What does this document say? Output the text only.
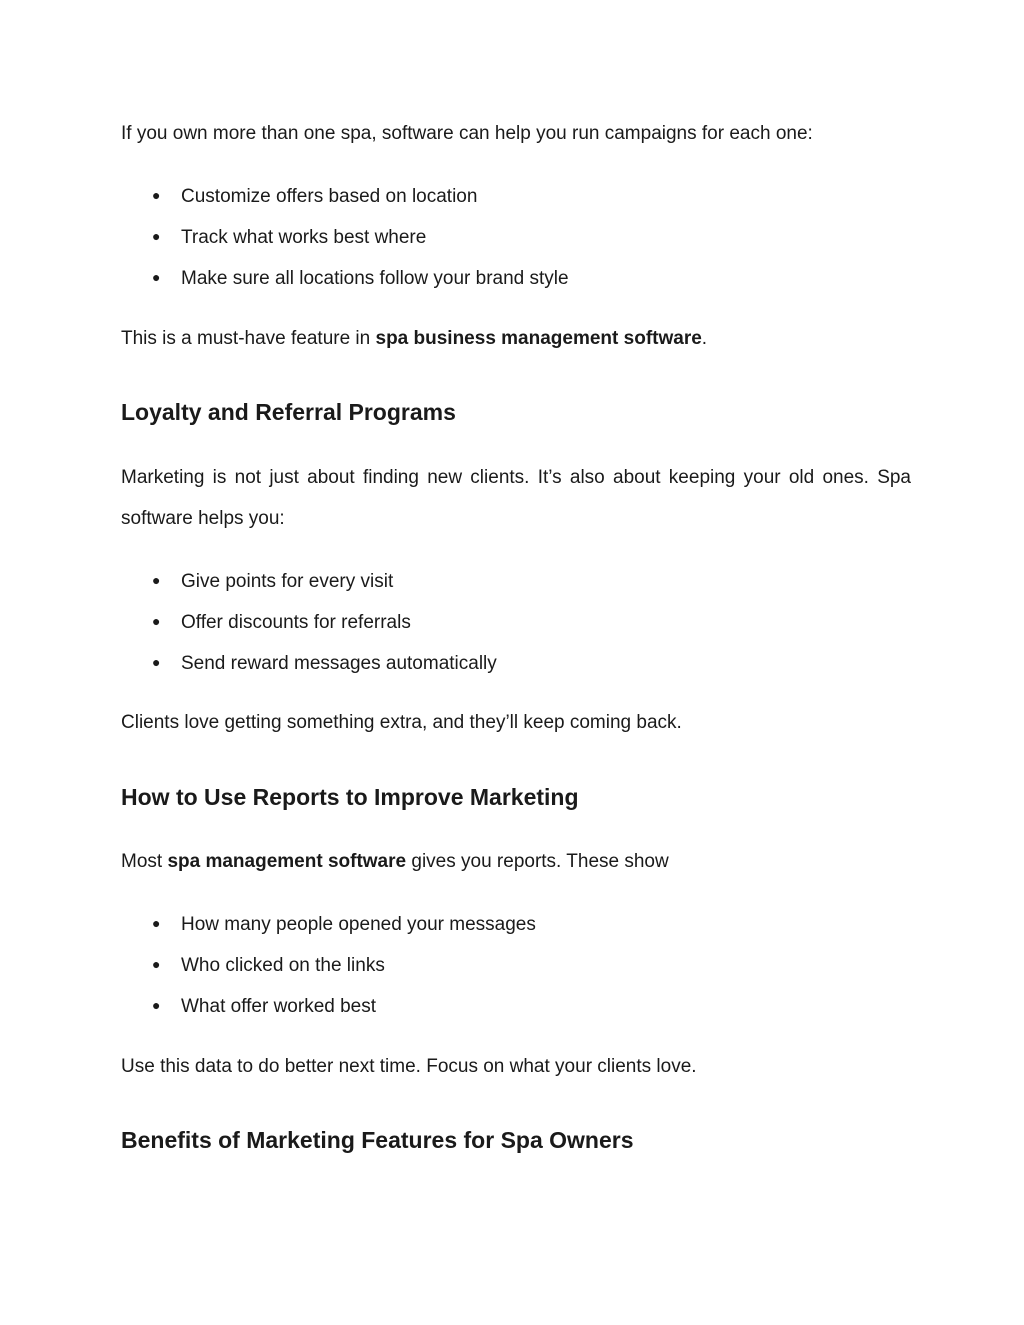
If you own more than one spa, software can help you run campaigns for each one:

● Customize offers based on location
● Track what works best where
● Make sure all locations follow your brand style

This is a must-have feature in spa business management software.

Loyalty and Referral Programs

Marketing is not just about finding new clients. It’s also about keeping your old ones. Spa software helps you:

● Give points for every visit
● Offer discounts for referrals
● Send reward messages automatically

Clients love getting something extra, and they’ll keep coming back.

How to Use Reports to Improve Marketing

Most spa management software gives you reports. These show

● How many people opened your messages
● Who clicked on the links
● What offer worked best

Use this data to do better next time. Focus on what your clients love.

Benefits of Marketing Features for Spa Owners
